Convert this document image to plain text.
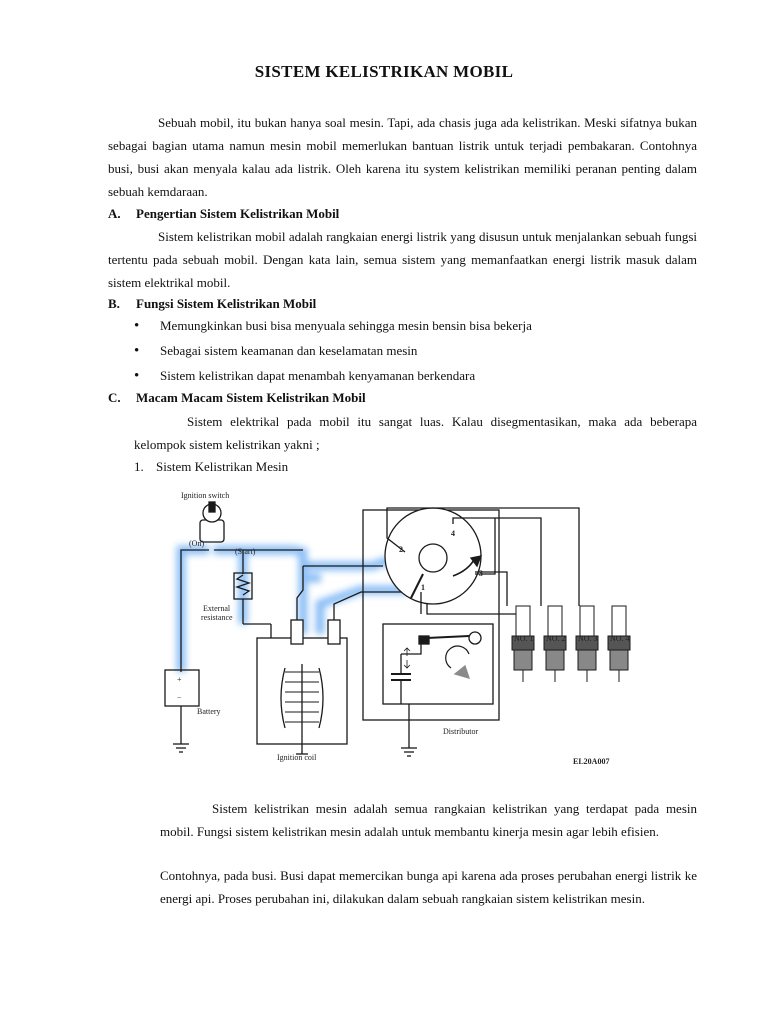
SISTEM KELISTRIKAN MOBIL

Sebuah mobil, itu bukan hanya soal mesin. Tapi, ada chasis juga ada kelistrikan. Meski sifatnya bukan sebagai bagian utama namun mesin mobil memerlukan bantuan listrik untuk terjadi pembakaran. Contohnya busi, busi akan menyala kalau ada listrik. Oleh karena itu system kelistrikan memiliki peranan penting dalam sebuah kemdaraan.

A. Pengertian Sistem Kelistrikan Mobil

Sistem kelistrikan mobil adalah rangkaian energi listrik yang disusun untuk menjalankan sebuah fungsi tertentu pada sebuah mobil. Dengan kata lain, semua sistem yang memanfaatkan energi listrik masuk dalam sistem elektrikal mobil.

B. Fungsi Sistem Kelistrikan Mobil
• Memungkinkan busi bisa menyuala sehingga mesin bensin bisa bekerja
• Sebagai sistem keamanan dan keselamatan mesin
• Sistem kelistrikan dapat menambah kenyamanan berkendara
C. Macam Macam Sistem Kelistrikan Mobil

Sistem elektrikal pada mobil itu sangat luas. Kalau disegmentasikan, maka ada beberapa kelompok sistem kelistrikan yakni ;

1. Sistem Kelistrikan Mesin
Ignition switch
(On)
(Start)
External
resistance
+
−
Battery
Ignition coil
Distributor
1
2
3
4
NO. 1 NO. 2 NO. 3 NO. 4
EL20A007

Sistem kelistrikan mesin adalah semua rangkaian kelistrikan yang terdapat pada mesin mobil. Fungsi sistem kelistrikan mesin adalah untuk membantu kinerja mesin agar lebih efisien.

Contohnya, pada busi. Busi dapat memercikan bunga api karena ada proses perubahan energi listrik ke energi api. Proses perubahan ini, dilakukan dalam sebuah rangkaian sistem kelistrikan mesin.
